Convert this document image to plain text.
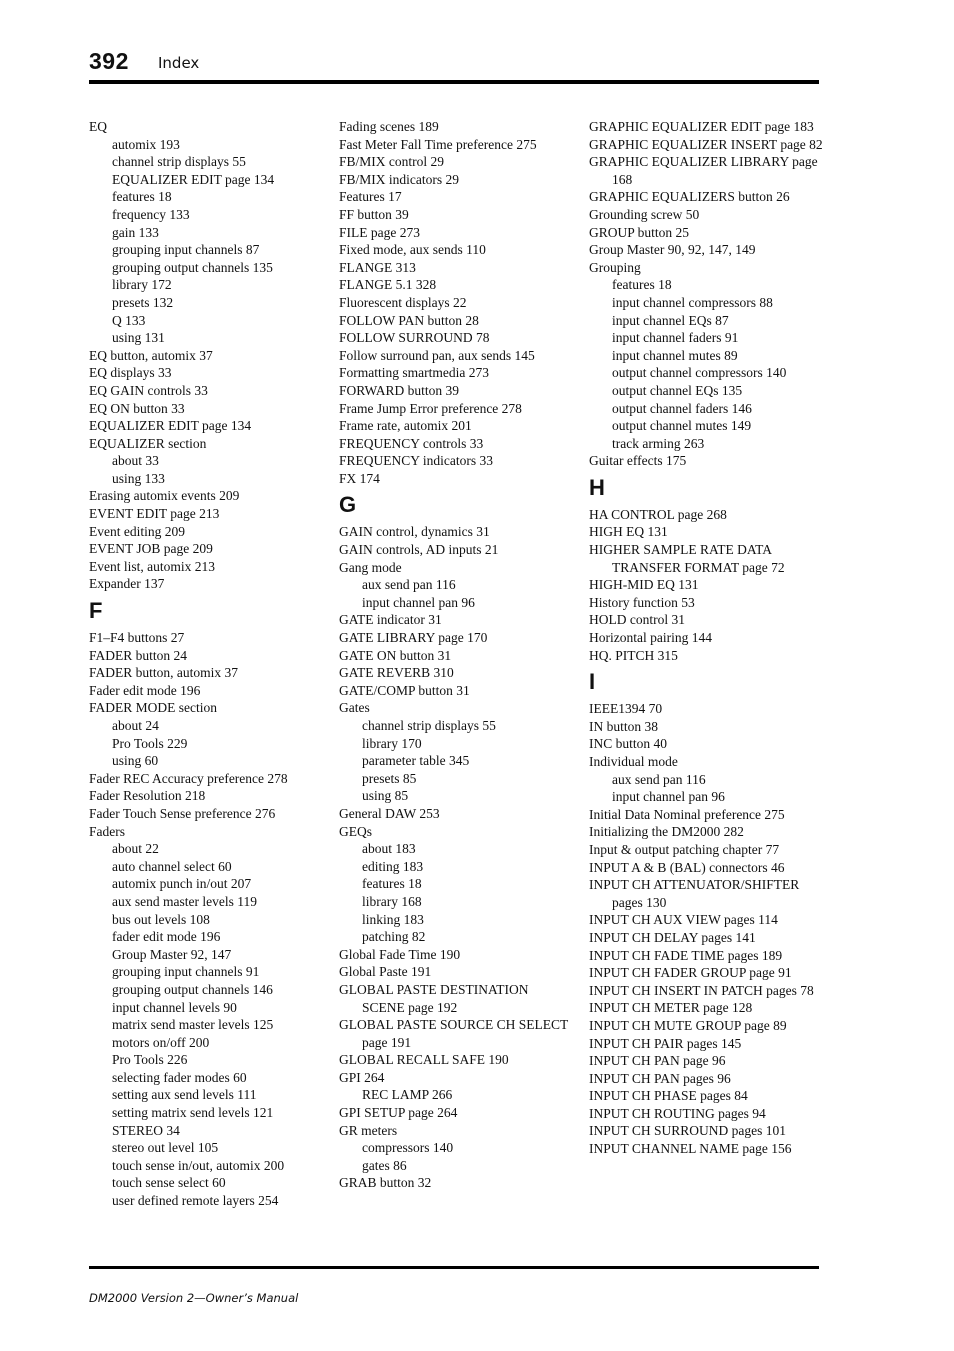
392 Index
EQ
automix 193
channel strip displays 55
EQUALIZER EDIT page 134
features 18
frequency 133
gain 133
grouping input channels 87
grouping output channels 135
library 172
presets 132
Q 133
using 131
EQ button, automix 37
EQ displays 33
EQ GAIN controls 33
EQ ON button 33
EQUALIZER EDIT page 134
EQUALIZER section
about 33
using 133
Erasing automix events 209
EVENT EDIT page 213
Event editing 209
EVENT JOB page 209
Event list, automix 213
Expander 137
F
F1–F4 buttons 27
FADER button 24
FADER button, automix 37
Fader edit mode 196
FADER MODE section
about 24
Pro Tools 229
using 60
Fader REC Accuracy preference 278
Fader Resolution 218
Fader Touch Sense preference 276
Faders
about 22
auto channel select 60
automix punch in/out 207
aux send master levels 119
bus out levels 108
fader edit mode 196
Group Master 92, 147
grouping input channels 91
grouping output channels 146
input channel levels 90
matrix send master levels 125
motors on/off 200
Pro Tools 226
selecting fader modes 60
setting aux send levels 111
setting matrix send levels 121
STEREO 34
stereo out level 105
touch sense in/out, automix 200
touch sense select 60
user defined remote layers 254
Fading scenes 189
Fast Meter Fall Time preference 275
FB/MIX control 29
FB/MIX indicators 29
Features 17
FF button 39
FILE page 273
Fixed mode, aux sends 110
FLANGE 313
FLANGE 5.1 328
Fluorescent displays 22
FOLLOW PAN button 28
FOLLOW SURROUND 78
Follow surround pan, aux sends 145
Formatting smartmedia 273
FORWARD button 39
Frame Jump Error preference 278
Frame rate, automix 201
FREQUENCY controls 33
FREQUENCY indicators 33
FX 174
G
GAIN control, dynamics 31
GAIN controls, AD inputs 21
Gang mode
aux send pan 116
input channel pan 96
GATE indicator 31
GATE LIBRARY page 170
GATE ON button 31
GATE REVERB 310
GATE/COMP button 31
Gates
channel strip displays 55
library 170
parameter table 345
presets 85
using 85
General DAW 253
GEQs
about 183
editing 183
features 18
library 168
linking 183
patching 82
Global Fade Time 190
Global Paste 191
GLOBAL PASTE DESTINATION SCENE page 192
GLOBAL PASTE SOURCE CH SELECT page 191
GLOBAL RECALL SAFE 190
GPI 264
REC LAMP 266
GPI SETUP page 264
GR meters
compressors 140
gates 86
GRAB button 32
GRAPHIC EQUALIZER EDIT page 183
GRAPHIC EQUALIZER INSERT page 82
GRAPHIC EQUALIZER LIBRARY page 168
GRAPHIC EQUALIZERS button 26
Grounding screw 50
GROUP button 25
Group Master 90, 92, 147, 149
Grouping
features 18
input channel compressors 88
input channel EQs 87
input channel faders 91
input channel mutes 89
output channel compressors 140
output channel EQs 135
output channel faders 146
output channel mutes 149
track arming 263
Guitar effects 175
H
HA CONTROL page 268
HIGH EQ 131
HIGHER SAMPLE RATE DATA TRANSFER FORMAT page 72
HIGH-MID EQ 131
History function 53
HOLD control 31
Horizontal pairing 144
HQ. PITCH 315
I
IEEE1394 70
IN button 38
INC button 40
Individual mode
aux send pan 116
input channel pan 96
Initial Data Nominal preference 275
Initializing the DM2000 282
Input & output patching chapter 77
INPUT A & B (BAL) connectors 46
INPUT CH ATTENUATOR/SHIFTER pages 130
INPUT CH AUX VIEW pages 114
INPUT CH DELAY pages 141
INPUT CH FADE TIME pages 189
INPUT CH FADER GROUP page 91
INPUT CH INSERT IN PATCH pages 78
INPUT CH METER page 128
INPUT CH MUTE GROUP page 89
INPUT CH PAIR pages 145
INPUT CH PAN page 96
INPUT CH PAN pages 96
INPUT CH PHASE pages 84
INPUT CH ROUTING pages 94
INPUT CH SURROUND pages 101
INPUT CHANNEL NAME page 156
DM2000 Version 2—Owner’s Manual
